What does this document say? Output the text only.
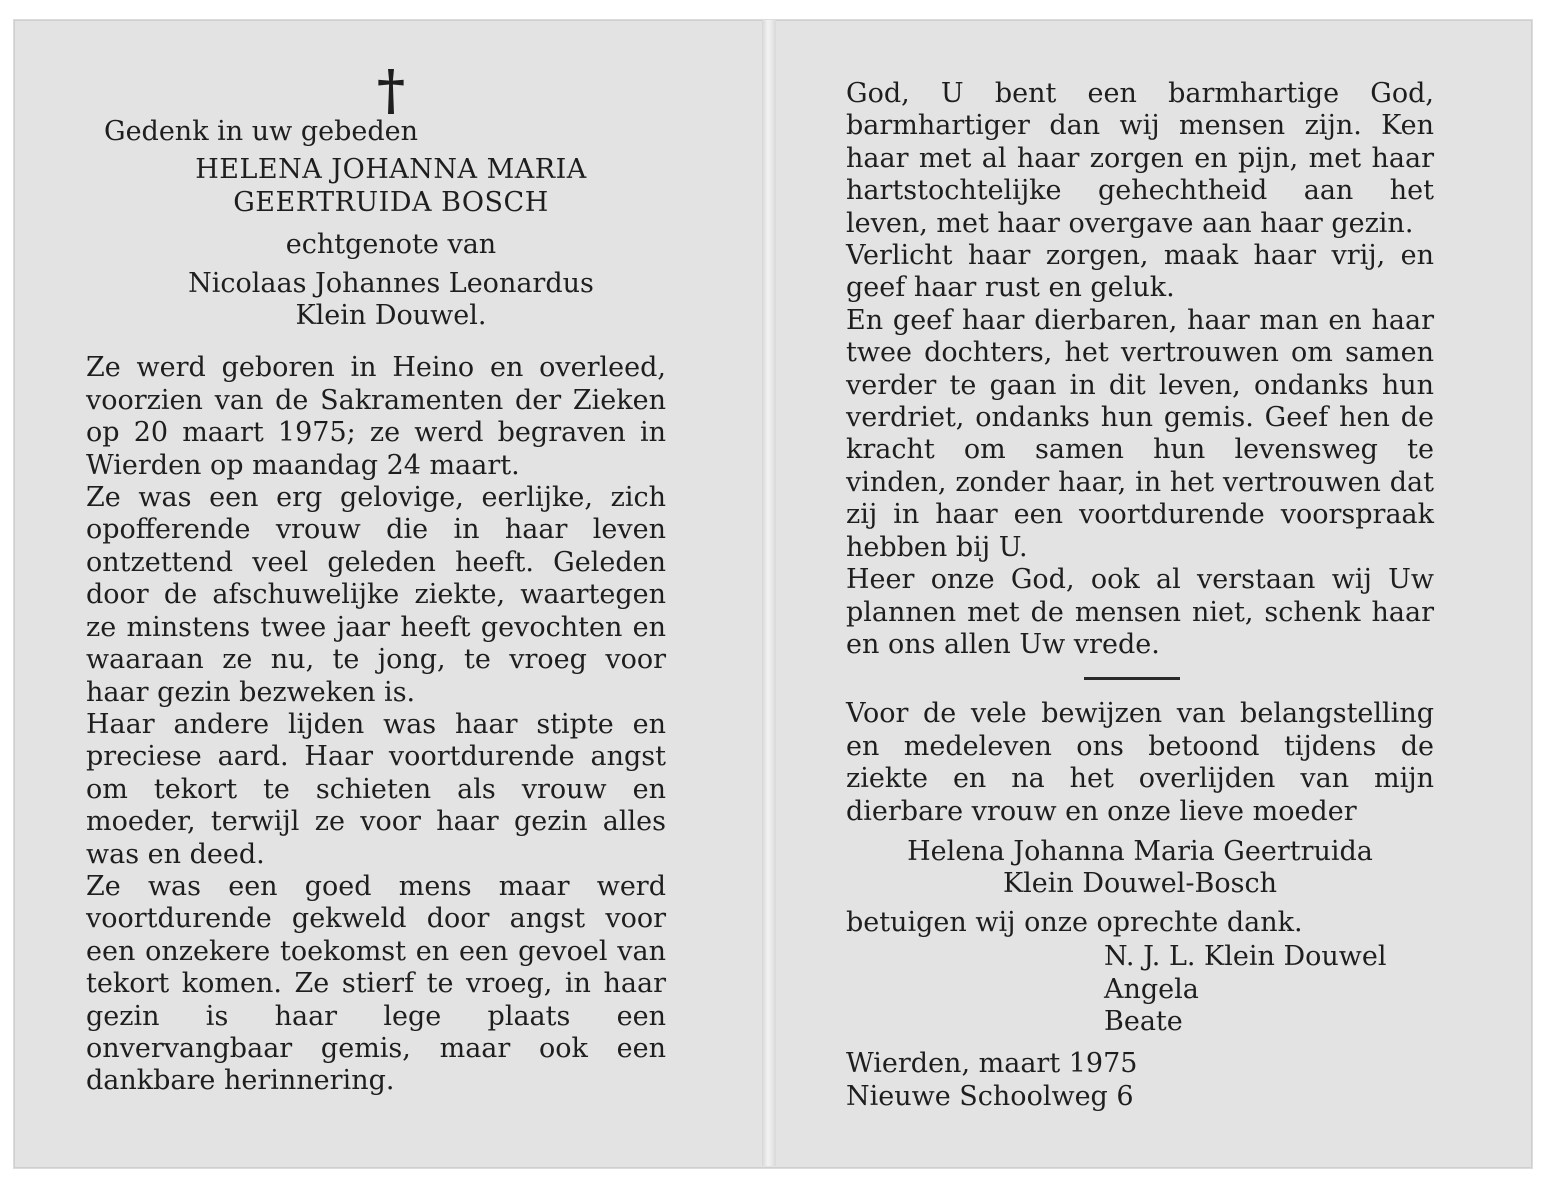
†

Gedenk in uw gebeden

HELENA JOHANNA MARIA

GEERTRUIDA BOSCH

echtgenote van

Nicolaas Johannes Leonardus

Klein Douwel.

Ze werd geboren in Heino en overleed, voorzien van de Sakramenten der Zieken op 20 maart 1975; ze werd begraven in Wierden op maandag 24 maart.

Ze was een erg gelovige, eerlijke, zich opofferende vrouw die in haar leven ontzettend veel geleden heeft. Geleden door de afschuwelijke ziekte, waartegen ze minstens twee jaar heeft gevochten en waaraan ze nu, te jong, te vroeg voor haar gezin bezweken is.

Haar andere lijden was haar stipte en preciese aard. Haar voortdurende angst om tekort te schieten als vrouw en moeder, terwijl ze voor haar gezin alles was en deed.

Ze was een goed mens maar werd voortdurende gekweld door angst voor een onzekere toekomst en een gevoel van tekort komen. Ze stierf te vroeg, in haar gezin is haar lege plaats een onvervangbaar gemis, maar ook een dankbare herinnering.

God, U bent een barmhartige God, barmhartiger dan wij mensen zijn. Ken haar met al haar zorgen en pijn, met haar hartstochtelijke gehechtheid aan het leven, met haar overgave aan haar gezin.

Verlicht haar zorgen, maak haar vrij, en geef haar rust en geluk.

En geef haar dierbaren, haar man en haar twee dochters, het vertrouwen om samen verder te gaan in dit leven, ondanks hun verdriet, ondanks hun gemis. Geef hen de kracht om samen hun levensweg te vinden, zonder haar, in het vertrouwen dat zij in haar een voortdurende voorspraak hebben bij U.

Heer onze God, ook al verstaan wij Uw plannen met de mensen niet, schenk haar en ons allen Uw vrede.

Voor de vele bewijzen van belangstelling en medeleven ons betoond tijdens de ziekte en na het overlijden van mijn dierbare vrouw en onze lieve moeder

Helena Johanna Maria Geertruida

Klein Douwel-Bosch

betuigen wij onze oprechte dank.

N. J. L. Klein Douwel

Angela

Beate

Wierden, maart 1975

Nieuwe Schoolweg 6
